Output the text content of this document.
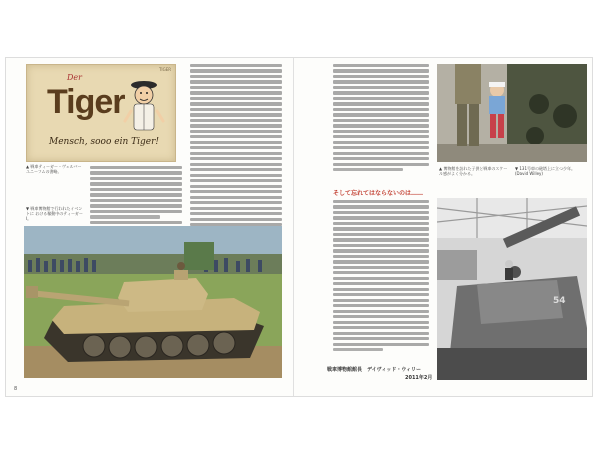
TIGER
Der
Tiger
Mensch, sooo ein Tiger!
▲ 戦車ティーガー・ヴェルバー ユニーフムの書略。
▼ 戦車博物館で行われたイベントに おける稼動中のティーガーI。
8
そして忘れてはならないのは……
戦車博物館館長　デイヴィッド・ウィリー
2011年2月
▲ 博物館を訪れた子供と戦車のスケール感がよく分かる。
▼ 131号車の砲塔上に立つ少年。(David Willey)
54
